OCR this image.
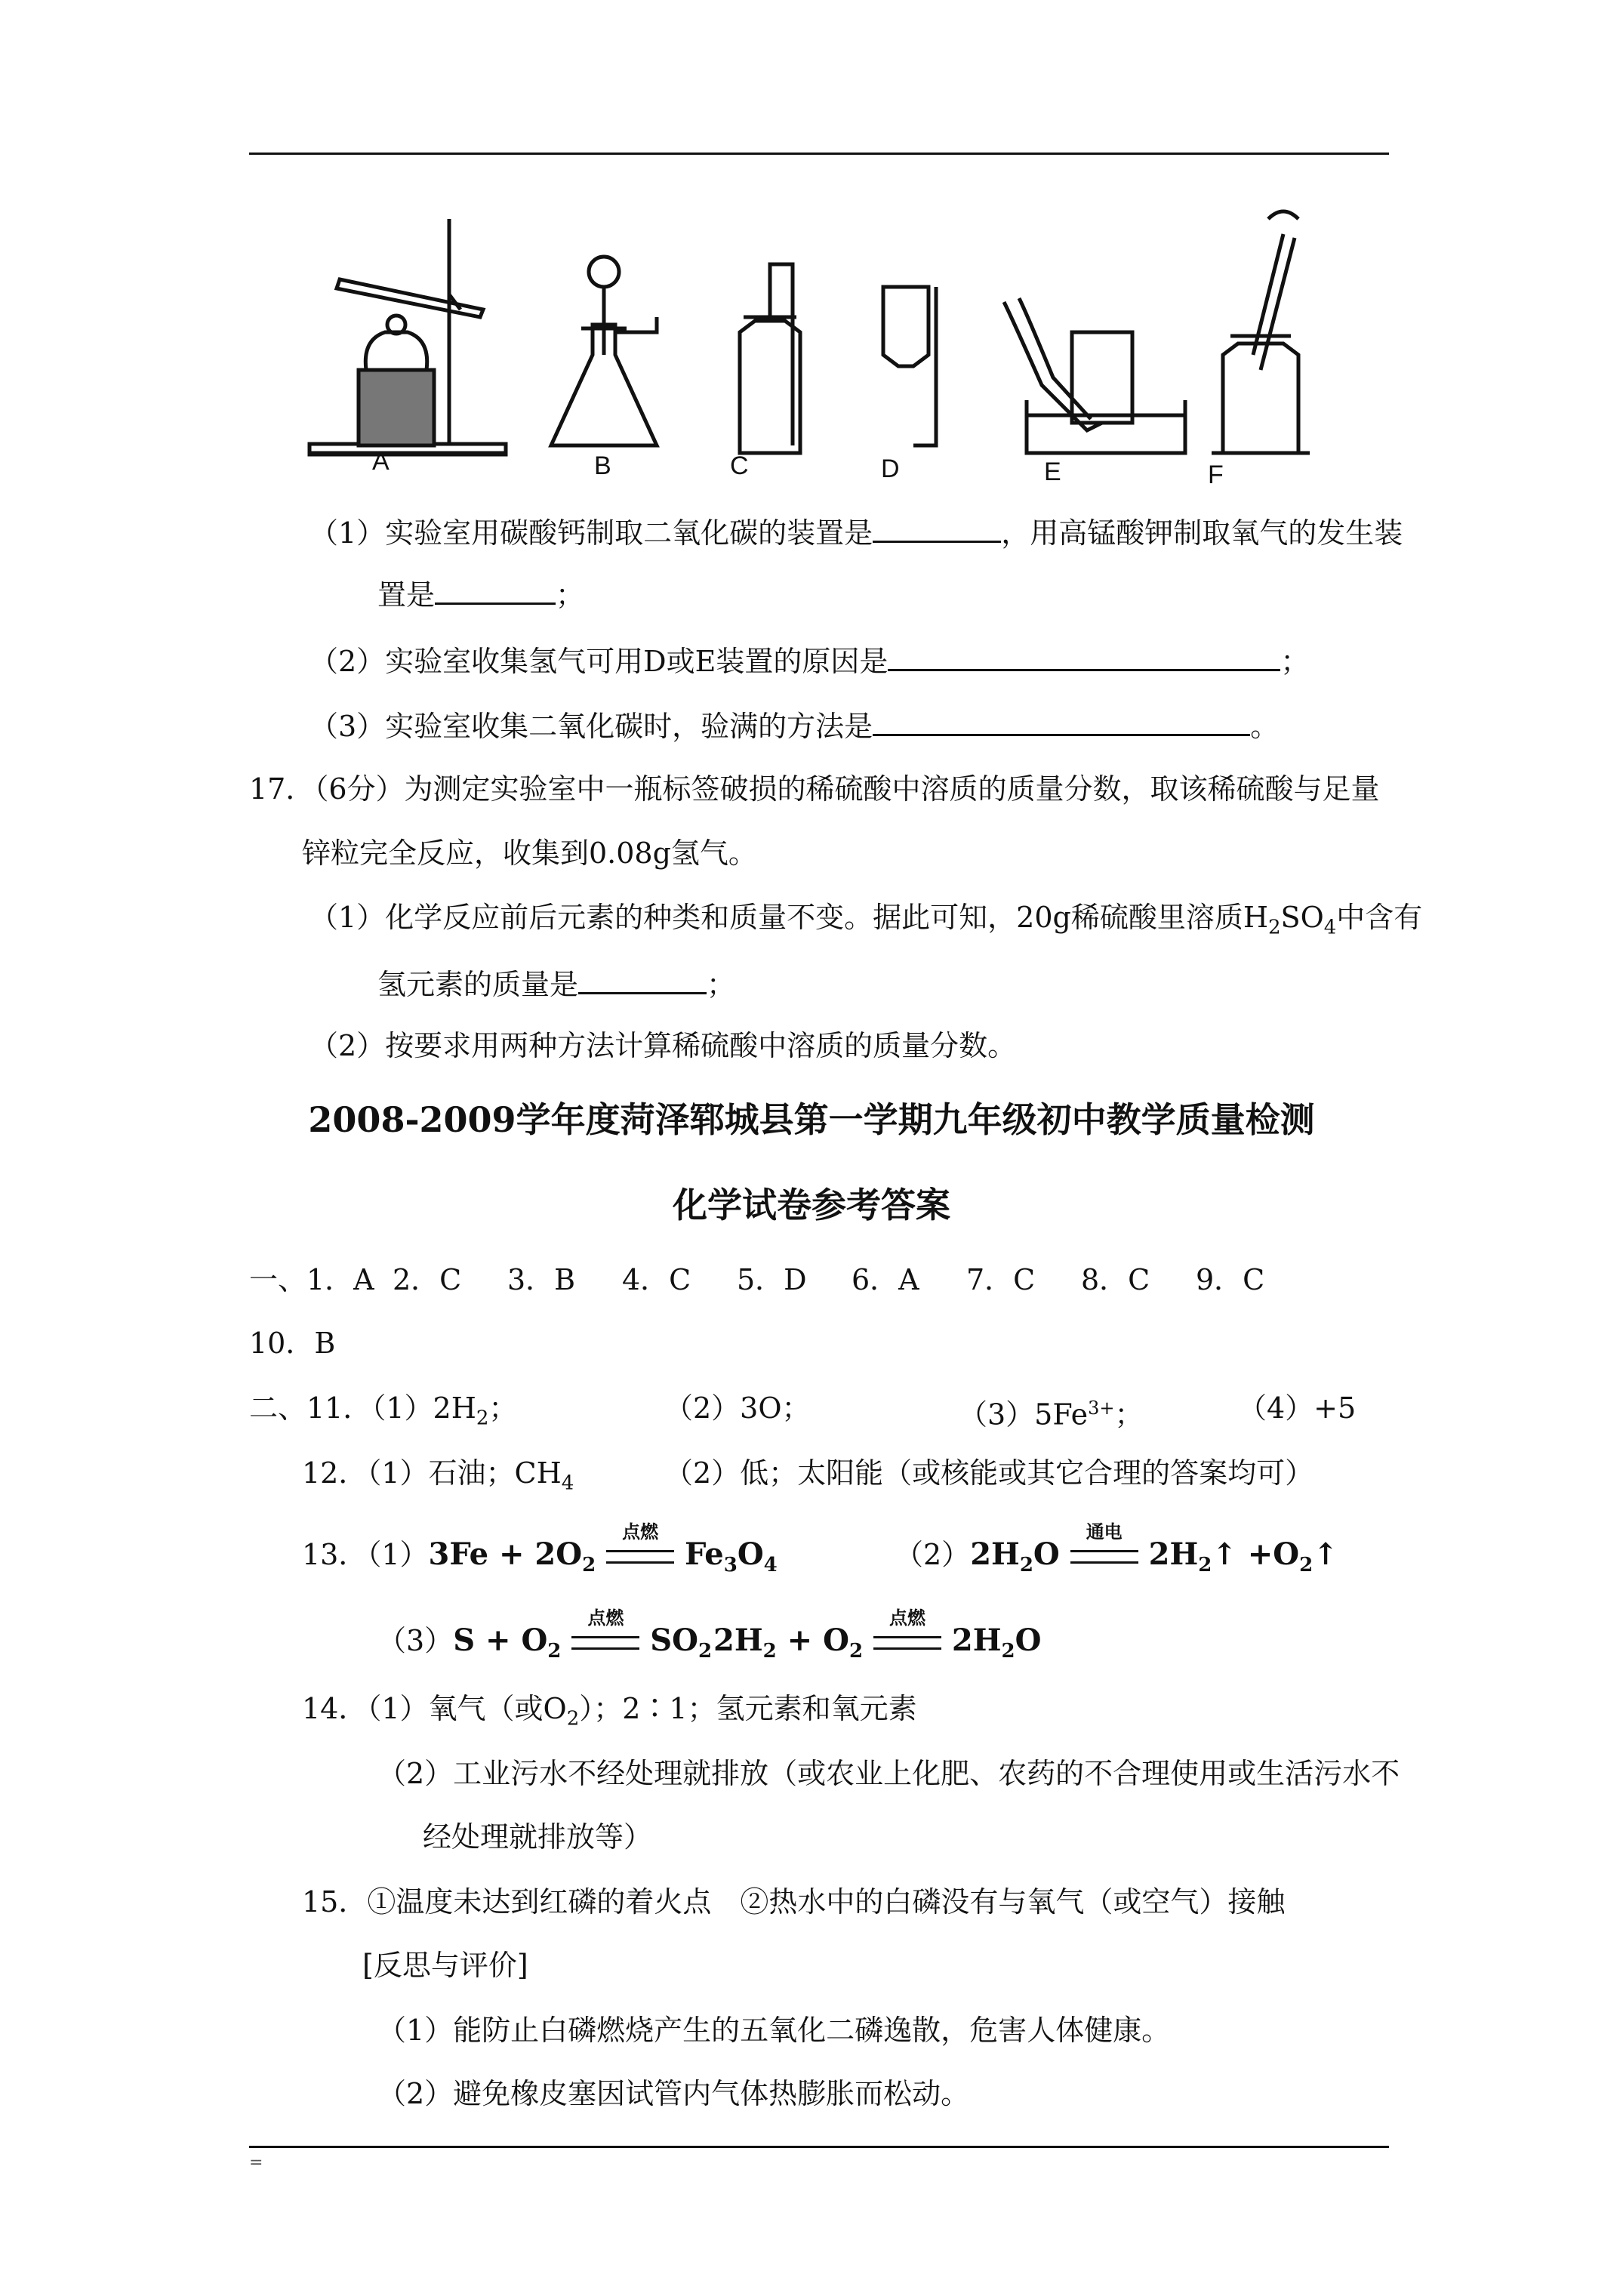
A	B	C	D	E	F
（1）实验室用碳酸钙制取二氧化碳的装置是	，用高锰酸钾制取氧气的发生装
置是	；
（2）实验室收集氢气可用D或E装置的原因是	；
（3）实验室收集二氧化碳时，验满的方法是	。
17．（6分）为测定实验室中一瓶标签破损的稀硫酸中溶质的质量分数，取该稀硫酸与足量
锌粒完全反应，收集到0.08g氢气。
（1）化学反应前后元素的种类和质量不变。据此可知，20g稀硫酸里溶质$H_2SO_4$中含有
氢元素的质量是	；
（2）按要求用两种方法计算稀硫酸中溶质的质量分数。
2008-2009学年度菏泽郓城县第一学期九年级初中教学质量检测
化学试卷参考答案
一、1．A 2．C 3．B 4．C 5．D 6．A 7．C 8．C 9．C
10．B
二、11．$(1)2H_2$；	（2）3O；	$(3)5Fe^{3+}$；	（4）+5
12．（1）石油；$CH_4$	（2）低；太阳能（或核能或其它合理的答案均可）
13．$(1)3Fe + 2O_2$
点燃
$Fe_3O_4$	$(2)2H_2O$
通电
$2H_2↑$ $+O_2↑$
$(3)S + O_2$
点燃
$SO_2$ $2H_2 + O_2$
点燃
$2H_2O$
14．（1）氧气（或$O_2$）；2∶1；氢元素和氧元素
（2）工业污水不经处理就排放（或农业上化肥、农药的不合理使用或生活污水不
经处理就排放等）
15．①温度未达到红磷的着火点　②热水中的白磷没有与氧气（或空气）接触
[反思与评价]
（1）能防止白磷燃烧产生的五氧化二磷逸散，危害人体健康。
（2）避免橡皮塞因试管内气体热膨胀而松动。
=
